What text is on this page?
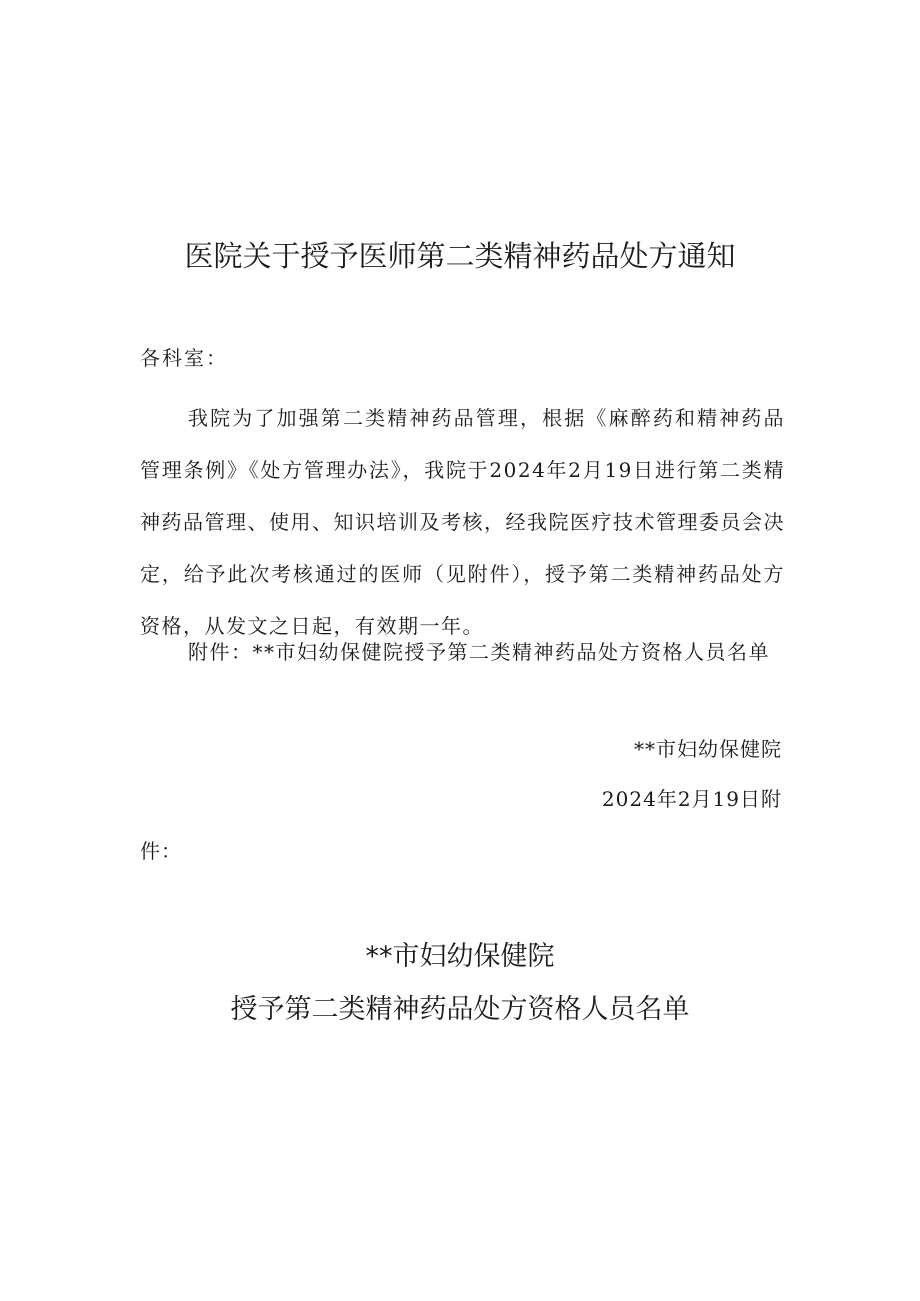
医院关于授予医师第二类精神药品处方通知
各科室：

我院为了加强第二类精神药品管理，根据《麻醉药和精神药品管理条例》《处方管理办法》，我院于2024年2月19日进行第二类精神药品管理、使用、知识培训及考核，经我院医疗技术管理委员会决定，给予此次考核通过的医师（见附件），授予第二类精神药品处方资格，从发文之日起，有效期一年。

附件：**市妇幼保健院授予第二类精神药品处方资格人员名单

**市妇幼保健院
2024年2月19日附
件：
**市妇幼保健院
授予第二类精神药品处方资格人员名单
